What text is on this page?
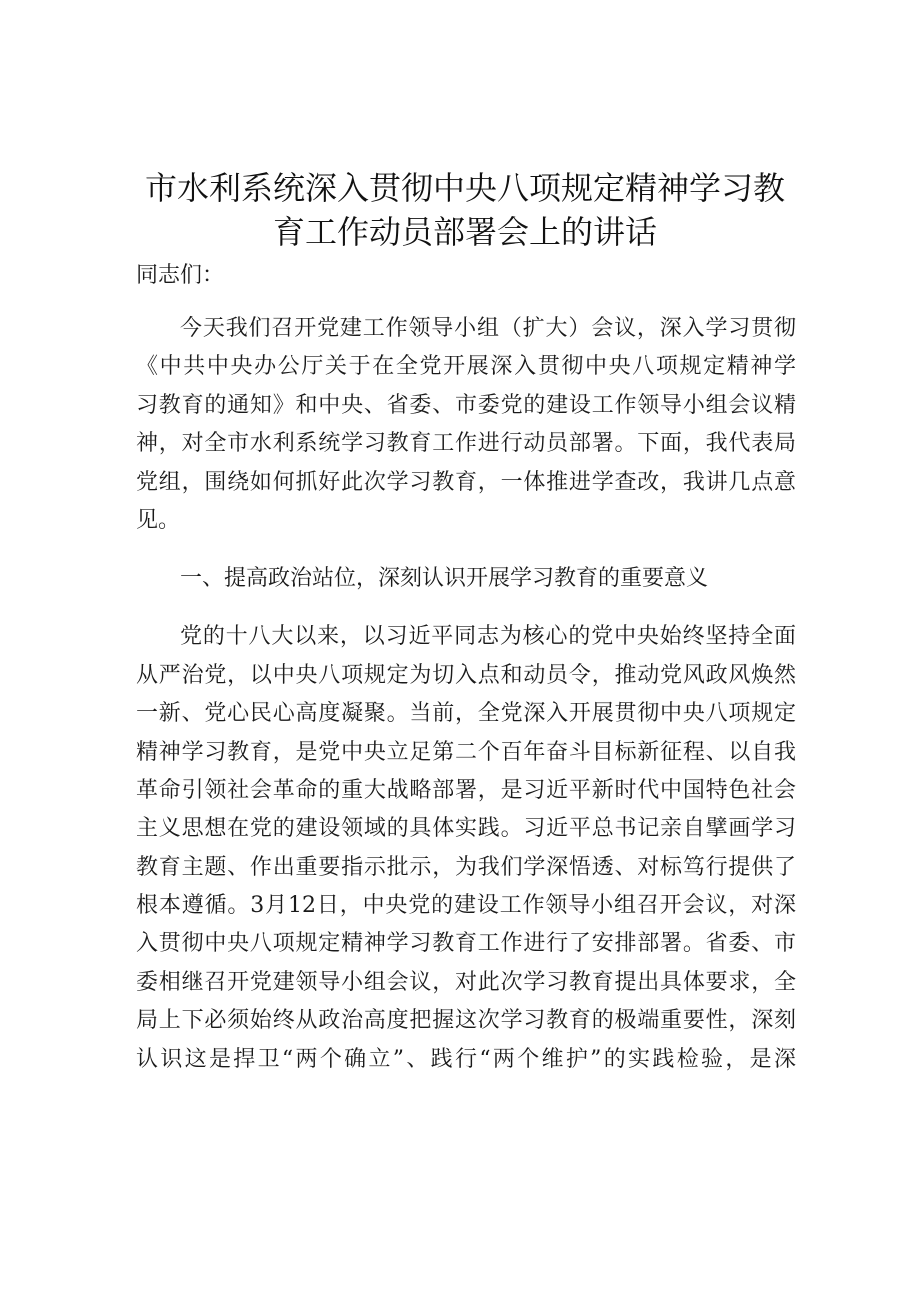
市水利系统深入贯彻中央八项规定精神学习教
育工作动员部署会上的讲话
同志们：
今天我们召开党建工作领导小组（扩大）会议，深入学习贯彻
《中共中央办公厅关于在全党开展深入贯彻中央八项规定精神学
习教育的通知》和中央、省委、市委党的建设工作领导小组会议精
神，对全市水利系统学习教育工作进行动员部署。下面，我代表局
党组，围绕如何抓好此次学习教育，一体推进学查改，我讲几点意
见。
一、提高政治站位，深刻认识开展学习教育的重要意义
党的十八大以来，以习近平同志为核心的党中央始终坚持全面
从严治党，以中央八项规定为切入点和动员令，推动党风政风焕然
一新、党心民心高度凝聚。当前，全党深入开展贯彻中央八项规定
精神学习教育，是党中央立足第二个百年奋斗目标新征程、以自我
革命引领社会革命的重大战略部署，是习近平新时代中国特色社会
主义思想在党的建设领域的具体实践。习近平总书记亲自擘画学习
教育主题、作出重要指示批示，为我们学深悟透、对标笃行提供了
根本遵循。3月12日，中央党的建设工作领导小组召开会议，对深
入贯彻中央八项规定精神学习教育工作进行了安排部署。省委、市
委相继召开党建领导小组会议，对此次学习教育提出具体要求，全
局上下必须始终从政治高度把握这次学习教育的极端重要性，深刻
认识这是捍卫“两个确立”、践行“两个维护”的实践检验，是深
